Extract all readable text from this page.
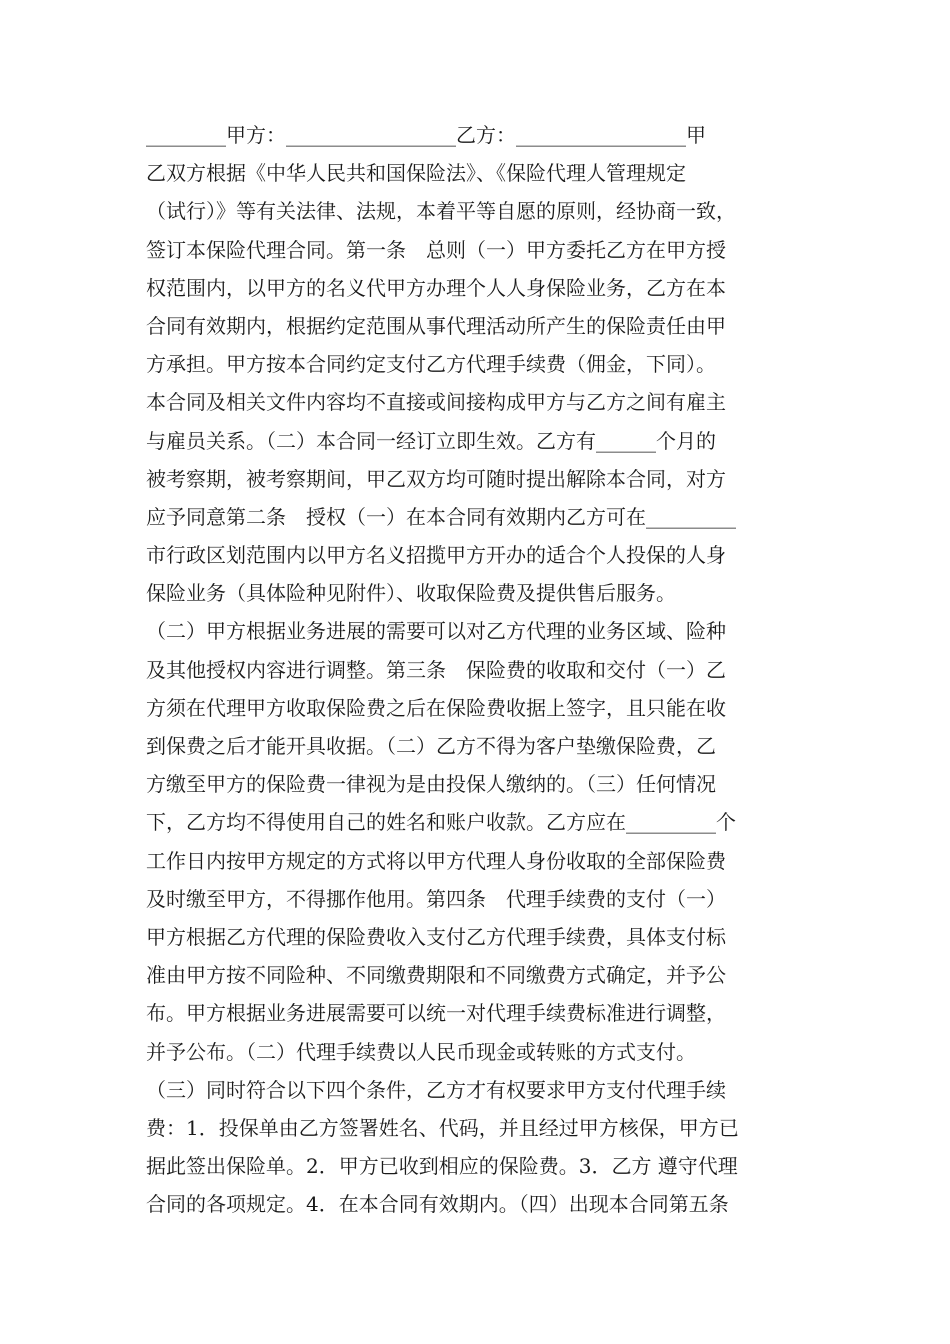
________甲方：_________________乙方：_________________甲
乙双方根据《中华人民共和国保险法》、《保险代理人管理规定
（试行）》等有关法律、法规，本着平等自愿的原则，经协商一致，
签订本保险代理合同。第一条　总则（一）甲方委托乙方在甲方授
权范围内，以甲方的名义代甲方办理个人人身保险业务，乙方在本
合同有效期内，根据约定范围从事代理活动所产生的保险责任由甲
方承担。甲方按本合同约定支付乙方代理手续费（佣金，下同）。
本合同及相关文件内容均不直接或间接构成甲方与乙方之间有雇主
与雇员关系。（二）本合同一经订立即生效。乙方有______个月的
被考察期，被考察期间，甲乙双方均可随时提出解除本合同，对方
应予同意第二条　授权（一）在本合同有效期内乙方可在_________
市行政区划范围内以甲方名义招揽甲方开办的适合个人投保的人身
保险业务（具体险种见附件）、收取保险费及提供售后服务。
（二）甲方根据业务进展的需要可以对乙方代理的业务区域、险种
及其他授权内容进行调整。第三条　保险费的收取和交付（一）乙
方须在代理甲方收取保险费之后在保险费收据上签字，且只能在收
到保费之后才能开具收据。（二）乙方不得为客户垫缴保险费，乙
方缴至甲方的保险费一律视为是由投保人缴纳的。（三）任何情况
下，乙方均不得使用自己的姓名和账户收款。乙方应在_________个
工作日内按甲方规定的方式将以甲方代理人身份收取的全部保险费
及时缴至甲方，不得挪作他用。第四条　代理手续费的支付（一）
甲方根据乙方代理的保险费收入支付乙方代理手续费，具体支付标
准由甲方按不同险种、不同缴费期限和不同缴费方式确定，并予公
布。甲方根据业务进展需要可以统一对代理手续费标准进行调整，
并予公布。（二）代理手续费以人民币现金或转账的方式支付。
（三）同时符合以下四个条件，乙方才有权要求甲方支付代理手续
费：1．投保单由乙方签署姓名、代码，并且经过甲方核保，甲方已
据此签出保险单。2．甲方已收到相应的保险费。3．乙方 遵守代理
合同的各项规定。4．在本合同有效期内。（四）出现本合同第五条
